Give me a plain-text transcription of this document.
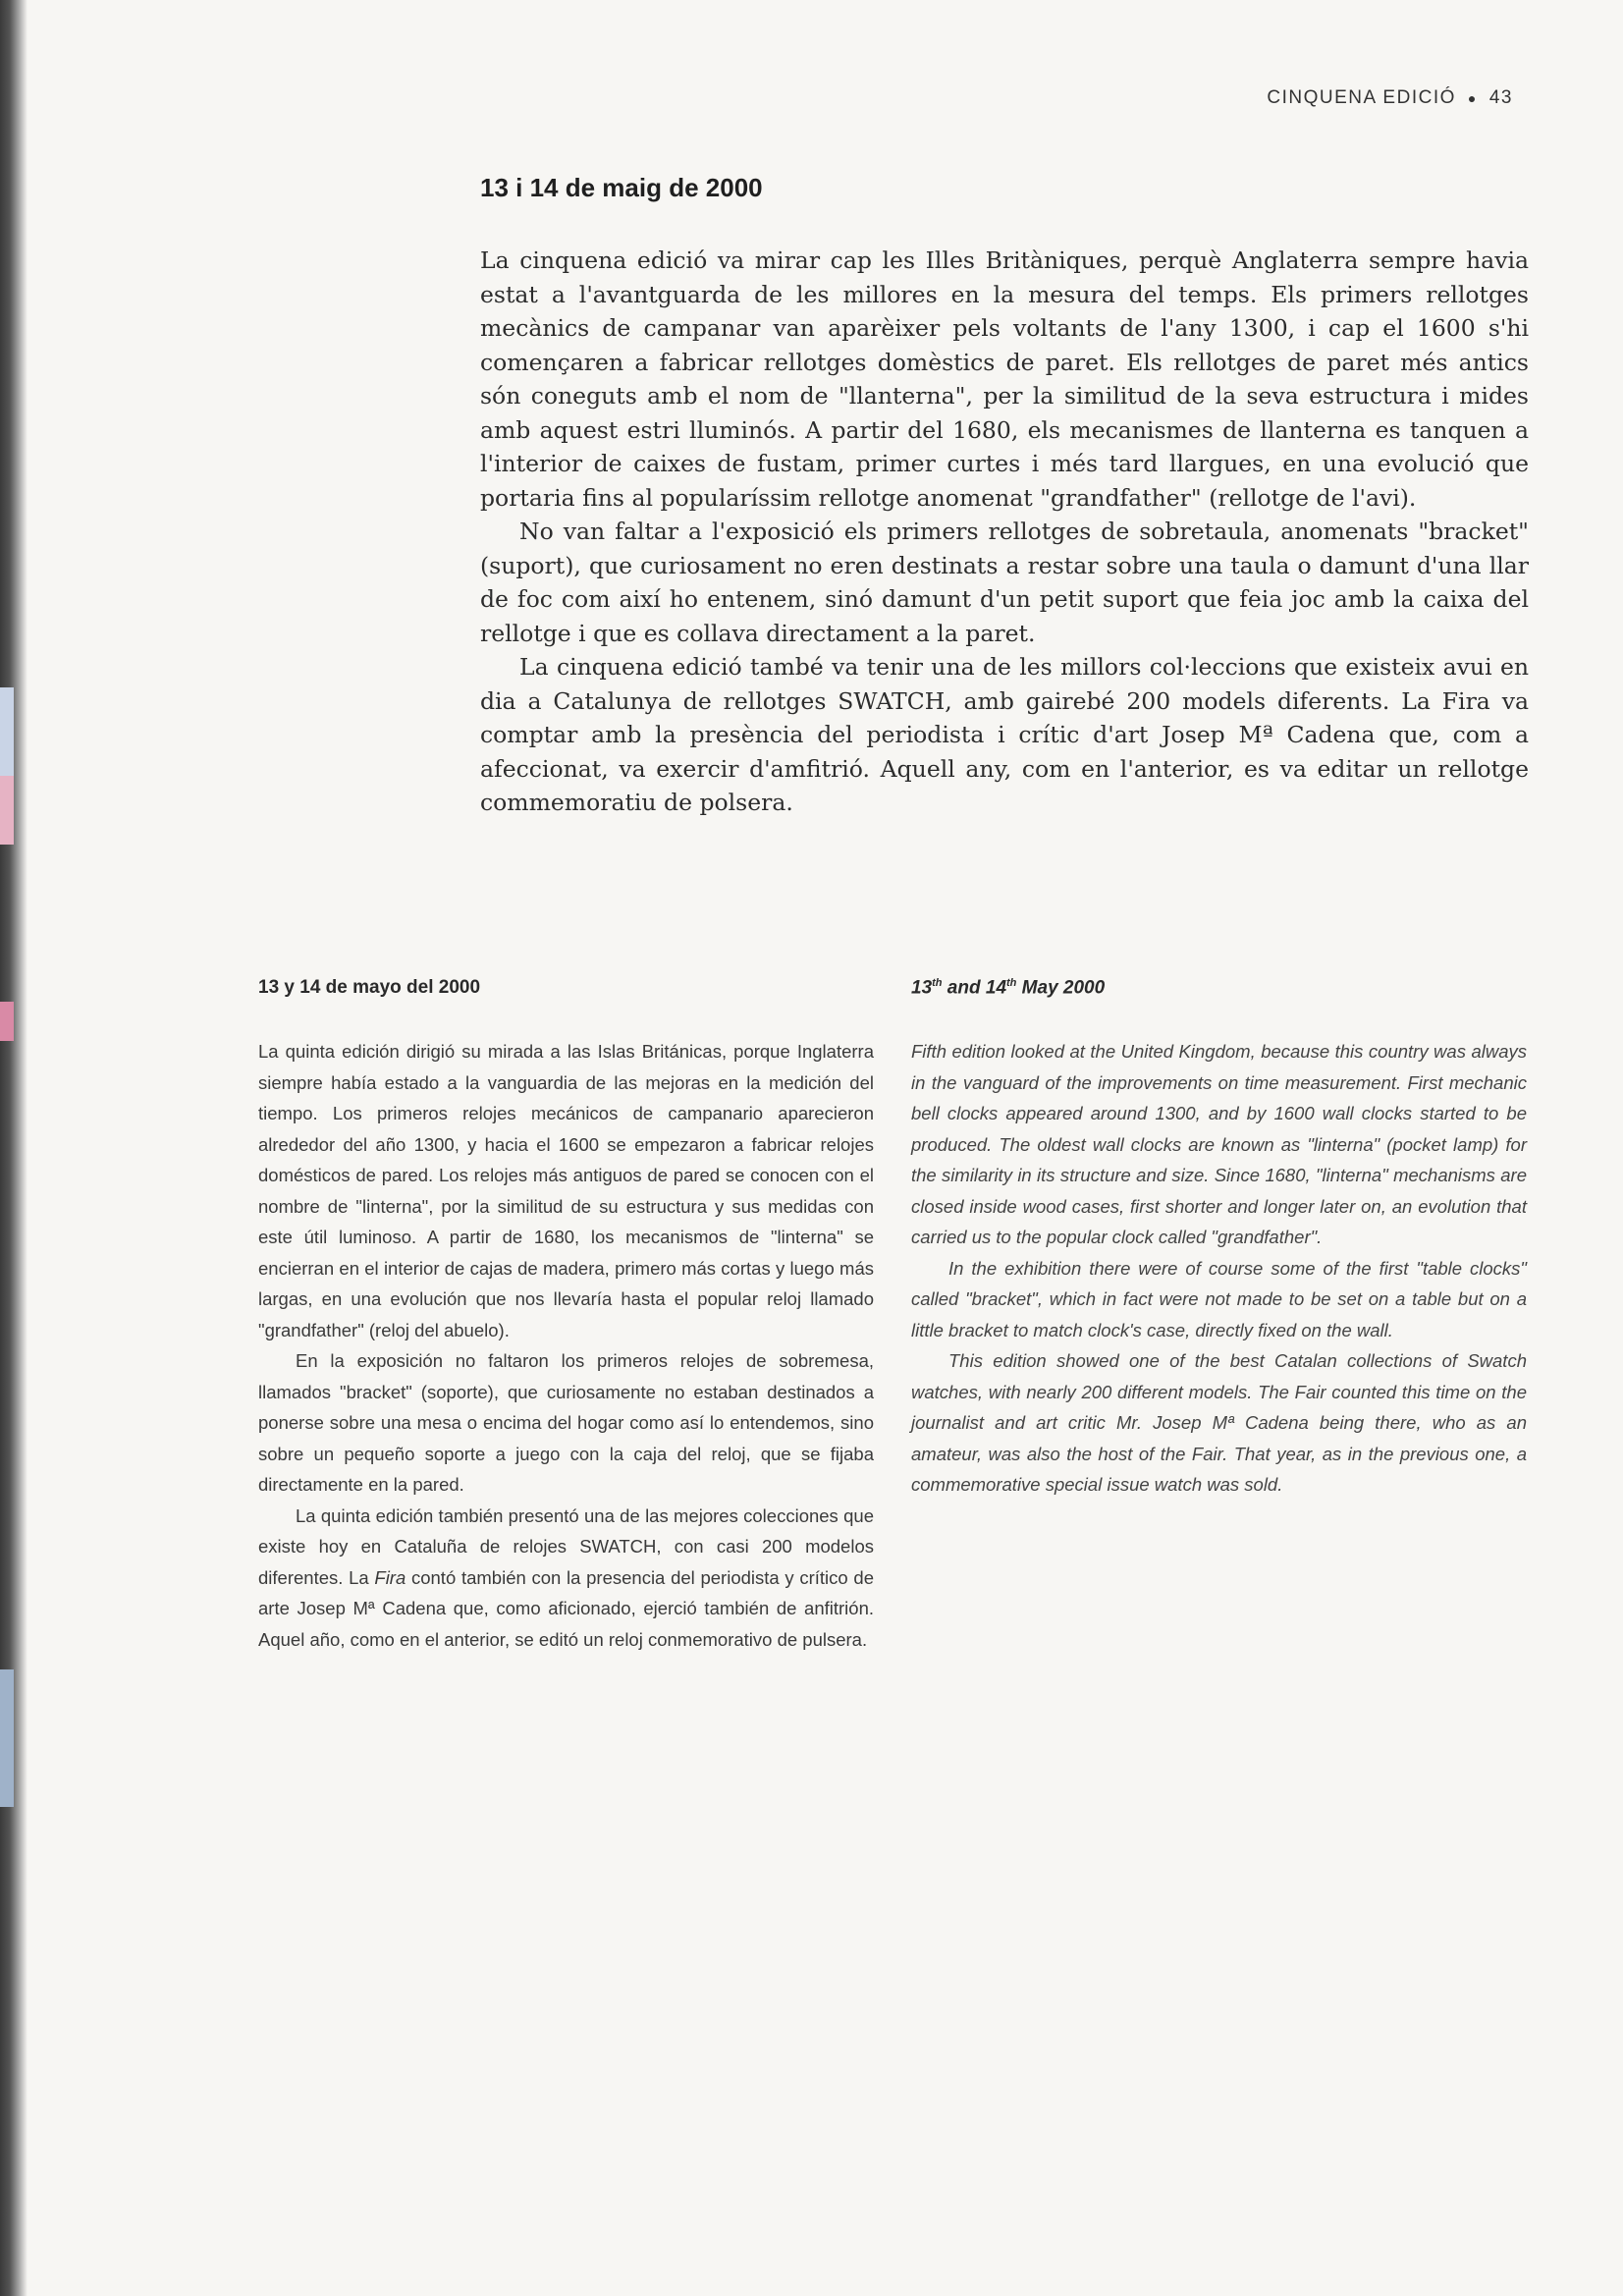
CINQUENA EDICIÓ ● 43
13 i 14 de maig de 2000

La cinquena edició va mirar cap les Illes Britàniques, perquè Anglaterra sempre havia estat a l'avantguarda de les millores en la mesura del temps. Els primers rellotges mecànics de campanar van aparèixer pels voltants de l'any 1300, i cap el 1600 s'hi començaren a fabricar rellotges domèstics de paret. Els rellotges de paret més antics són coneguts amb el nom de "llanterna", per la similitud de la seva estructura i mides amb aquest estri lluminós. A partir del 1680, els mecanismes de llanterna es tanquen a l'interior de caixes de fustam, primer curtes i més tard llargues, en una evolució que portaria fins al popularíssim rellotge anomenat "grandfather" (rellotge de l'avi).

No van faltar a l'exposició els primers rellotges de sobretaula, anomenats "bracket" (suport), que curiosament no eren destinats a restar sobre una taula o damunt d'una llar de foc com així ho entenem, sinó damunt d'un petit suport que feia joc amb la caixa del rellotge i que es collava directament a la paret.

La cinquena edició també va tenir una de les millors col·leccions que existeix avui en dia a Catalunya de rellotges SWATCH, amb gairebé 200 models diferents. La Fira va comptar amb la presència del periodista i crític d'art Josep Mª Cadena que, com a afeccionat, va exercir d'amfitrió. Aquell any, com en l'anterior, es va editar un rellotge commemoratiu de polsera.

13 y 14 de mayo del 2000

La quinta edición dirigió su mirada a las Islas Británicas, porque Inglaterra siempre había estado a la vanguardia de las mejoras en la medición del tiempo. Los primeros relojes mecánicos de campanario aparecieron alrededor del año 1300, y hacia el 1600 se empezaron a fabricar relojes domésticos de pared. Los relojes más antiguos de pared se conocen con el nombre de "linterna", por la similitud de su estructura y sus medidas con este útil luminoso. A partir de 1680, los mecanismos de "linterna" se encierran en el interior de cajas de madera, primero más cortas y luego más largas, en una evolución que nos llevaría hasta el popular reloj llamado "grandfather" (reloj del abuelo).

En la exposición no faltaron los primeros relojes de sobremesa, llamados "bracket" (soporte), que curiosamente no estaban destinados a ponerse sobre una mesa o encima del hogar como así lo entendemos, sino sobre un pequeño soporte a juego con la caja del reloj, que se fijaba directamente en la pared.

La quinta edición también presentó una de las mejores colecciones que existe hoy en Cataluña de relojes SWATCH, con casi 200 modelos diferentes. La Fira contó también con la presencia del periodista y crítico de arte Josep Mª Cadena que, como aficionado, ejerció también de anfitrión. Aquel año, como en el anterior, se editó un reloj conmemorativo de pulsera.

13th and 14th May 2000

Fifth edition looked at the United Kingdom, because this country was always in the vanguard of the improvements on time measurement. First mechanic bell clocks appeared around 1300, and by 1600 wall clocks started to be produced. The oldest wall clocks are known as "linterna" (pocket lamp) for the similarity in its structure and size. Since 1680, "linterna" mechanisms are closed inside wood cases, first shorter and longer later on, an evolution that carried us to the popular clock called "grandfather".

In the exhibition there were of course some of the first "table clocks" called "bracket", which in fact were not made to be set on a table but on a little bracket to match clock's case, directly fixed on the wall.

This edition showed one of the best Catalan collections of Swatch watches, with nearly 200 different models. The Fair counted this time on the journalist and art critic Mr. Josep Mª Cadena being there, who as an amateur, was also the host of the Fair. That year, as in the previous one, a commemorative special issue watch was sold.
